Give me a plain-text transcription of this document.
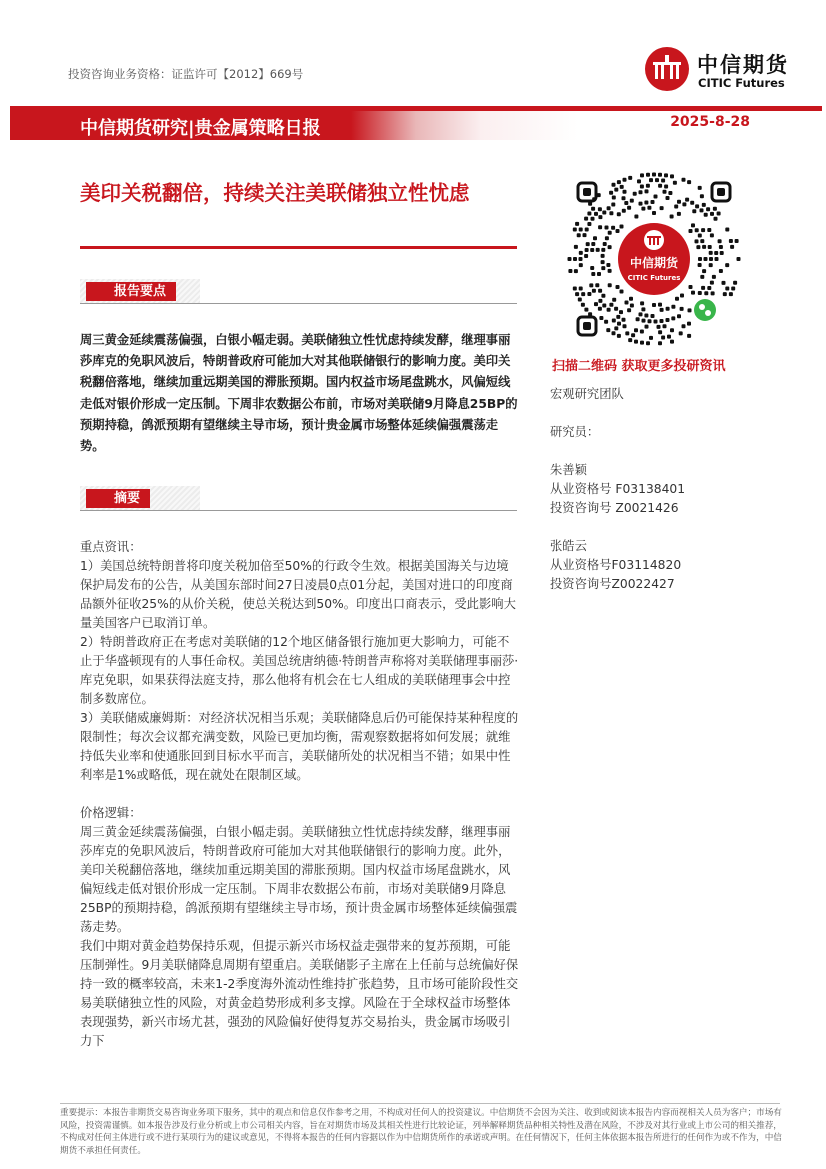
投资咨询业务资格：证监许可【2012】669号	中信期货
CITIC Futures
中信期货研究|贵金属策略日报	2025-8-28
美印关税翻倍，持续关注美联储独立性忧虑
报告要点
周三黄金延续震荡偏强，白银小幅走弱。美联储独立性忧虑持续发酵，继理事丽莎库克的免职风波后，特朗普政府可能加大对其他联储银行的影响力度。美印关税翻倍落地，继续加重远期美国的滞胀预期。国内权益市场尾盘跳水，风偏短线走低对银价形成一定压制。下周非农数据公布前，市场对美联储9月降息25BP的预期持稳，鸽派预期有望继续主导市场，预计贵金属市场整体延续偏强震荡走势。
摘要

重点资讯：

1）美国总统特朗普将印度关税加倍至50%的行政令生效。根据美国海关与边境保护局发布的公告，从美国东部时间27日凌晨0点01分起，美国对进口的印度商品额外征收25%的从价关税，使总关税达到50%。印度出口商表示，受此影响大量美国客户已取消订单。

2）特朗普政府正在考虑对美联储的12个地区储备银行施加更大影响力，可能不止于华盛顿现有的人事任命权。美国总统唐纳德·特朗普声称将对美联储理事丽莎·库克免职，如果获得法庭支持，那么他将有机会在七人组成的美联储理事会中控制多数席位。

3）美联储威廉姆斯：对经济状况相当乐观；美联储降息后仍可能保持某种程度的限制性；每次会议都充满变数，风险已更加均衡，需观察数据将如何发展；就维持低失业率和使通胀回到目标水平而言，美联储所处的状况相当不错；如果中性利率是1%或略低，现在就处在限制区域。

价格逻辑：

周三黄金延续震荡偏强，白银小幅走弱。美联储独立性忧虑持续发酵，继理事丽莎库克的免职风波后，特朗普政府可能加大对其他联储银行的影响力度。此外，美印关税翻倍落地，继续加重远期美国的滞胀预期。国内权益市场尾盘跳水，风偏短线走低对银价形成一定压制。下周非农数据公布前，市场对美联储9月降息25BP的预期持稳，鸽派预期有望继续主导市场，预计贵金属市场整体延续偏强震荡走势。

我们中期对黄金趋势保持乐观，但提示新兴市场权益走强带来的复苏预期，可能压制弹性。9月美联储降息周期有望重启。美联储影子主席在上任前与总统偏好保持一致的概率较高，未来1-2季度海外流动性维持扩张趋势，且市场可能阶段性交易美联储独立性的风险，对黄金趋势形成利多支撑。风险在于全球权益市场整体表现强势，新兴市场尤甚，强劲的风险偏好使得复苏交易抬头，贵金属市场吸引力下

中信期货
CITIC Futures
扫描二维码 获取更多投研资讯
宏观研究团队
研究员：
朱善颖
从业资格号 F03138401
投资咨询号 Z0021426
张皓云
从业资格号F03114820
投资咨询号Z0022427
重要提示：本报告非期货交易咨询业务项下服务，其中的观点和信息仅作参考之用，不构成对任何人的投资建议。中信期货不会因为关注、收到或阅读本报告内容而视相关人员为客户；市场有风险，投资需谨慎。如本报告涉及行业分析或上市公司相关内容，旨在对期货市场及其相关性进行比较论证，列举解释期货品种相关特性及潜在风险，不涉及对其行业或上市公司的相关推荐，不构成对任何主体进行或不进行某项行为的建议或意见，不得将本报告的任何内容据以作为中信期货所作的承诺或声明。在任何情况下，任何主体依据本报告所进行的任何作为或不作为，中信期货不承担任何责任。
